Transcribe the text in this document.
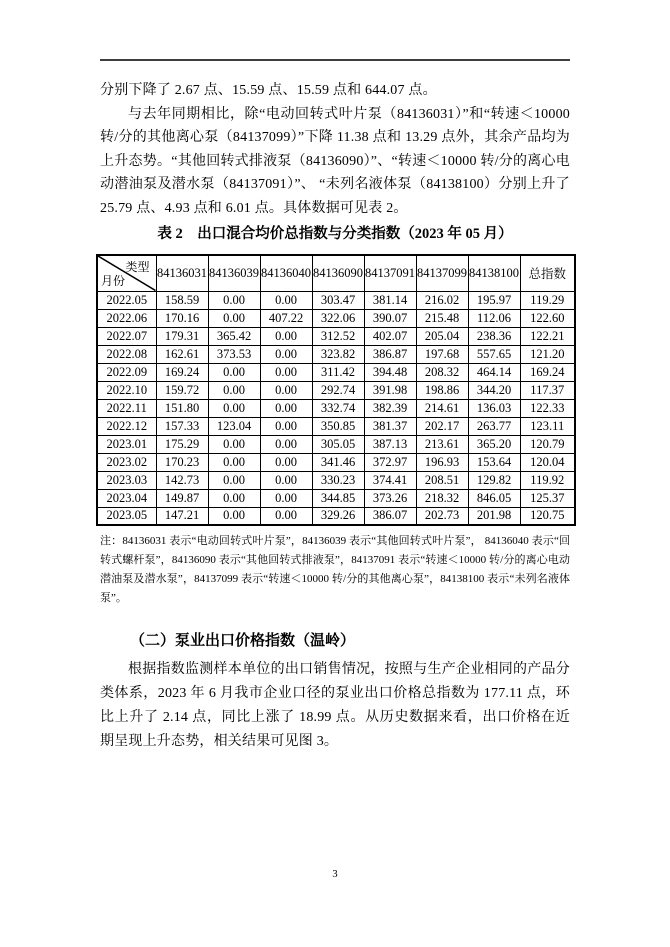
分别下降了 2.67 点、15.59 点、15.59 点和 644.07 点。

与去年同期相比，除“电动回转式叶片泵（84136031）”和“转速＜10000 转/分的其他离心泵（84137099）”下降 11.38 点和 13.29 点外，其余产品均为上升态势。“其他回转式排液泵（84136090）”、“转速＜10000 转/分的离心电动潜油泵及潜水泵（84137091）”、 “未列名液体泵（84138100）分别上升了 25.79 点、4.93 点和 6.01 点。具体数据可见表 2。

表 2　出口混合均价总指数与分类指数（2023 年 05 月）
类型
月份	84136031	84136039	84136040	84136090	84137091	84137099	84138100	总指数
2022.05	158.59	0.00	0.00	303.47	381.14	216.02	195.97	119.29
2022.06	170.16	0.00	407.22	322.06	390.07	215.48	112.06	122.60
2022.07	179.31	365.42	0.00	312.52	402.07	205.04	238.36	122.21
2022.08	162.61	373.53	0.00	323.82	386.87	197.68	557.65	121.20
2022.09	169.24	0.00	0.00	311.42	394.48	208.32	464.14	169.24
2022.10	159.72	0.00	0.00	292.74	391.98	198.86	344.20	117.37
2022.11	151.80	0.00	0.00	332.74	382.39	214.61	136.03	122.33
2022.12	157.33	123.04	0.00	350.85	381.37	202.17	263.77	123.11
2023.01	175.29	0.00	0.00	305.05	387.13	213.61	365.20	120.79
2023.02	170.23	0.00	0.00	341.46	372.97	196.93	153.64	120.04
2023.03	142.73	0.00	0.00	330.23	374.41	208.51	129.82	119.92
2023.04	149.87	0.00	0.00	344.85	373.26	218.32	846.05	125.37
2023.05	147.21	0.00	0.00	329.26	386.07	202.73	201.98	120.75

注：84136031 表示“电动回转式叶片泵”，84136039 表示“其他回转式叶片泵”， 84136040 表示“回转式螺杆泵”，84136090 表示“其他回转式排液泵”，84137091 表示“转速＜10000 转/分的离心电动潜油泵及潜水泵”，84137099 表示“转速＜10000 转/分的其他离心泵”，84138100 表示“未列名液体泵”。

（二）泵业出口价格指数（温岭）

根据指数监测样本单位的出口销售情况，按照与生产企业相同的产品分类体系，2023 年 6 月我市企业口径的泵业出口价格总指数为 177.11 点，环比上升了 2.14 点，同比上涨了 18.99 点。从历史数据来看，出口价格在近期呈现上升态势，相关结果可见图 3。

3
